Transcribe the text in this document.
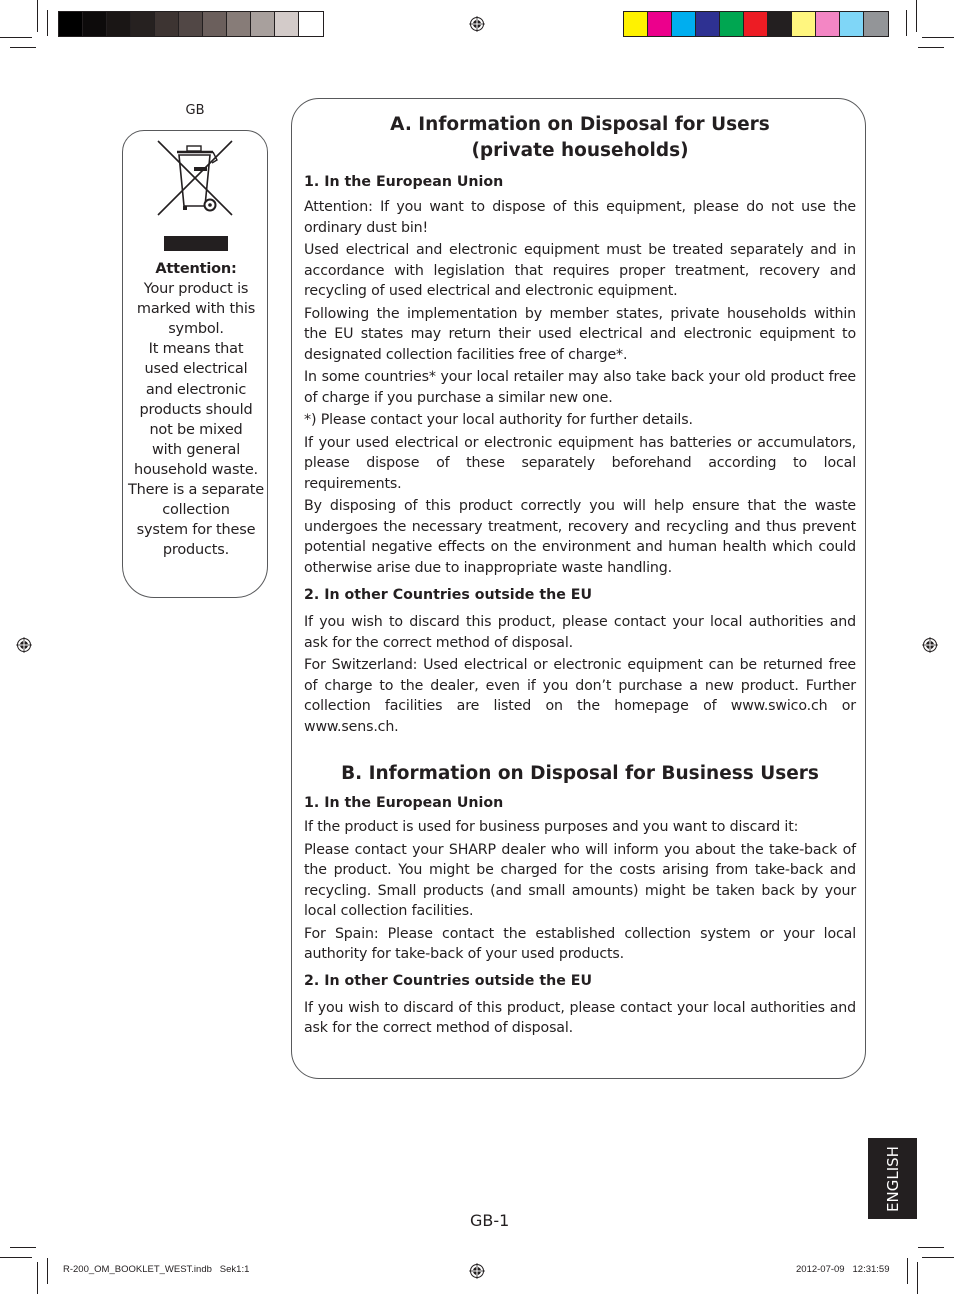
GB
Attention:
Your product is
marked with this
symbol.
It means that
used electrical
and electronic
products should
not be mixed
with general
household waste.
There is a separate
collection
system for these
products.
A. Information on Disposal for Users
(private households)
1. In the European Union

Attention: If you want to dispose of this equipment, please do not use the ordinary dust bin!

Used electrical and electronic equipment must be treated separately and in accordance with legislation that requires proper treatment, recovery and recycling of used electrical and electronic equipment.

Following the implementation by member states, private households within the EU states may return their used electrical and electronic equipment to designated collection facilities free of charge*.

In some countries* your local retailer may also take back your old product free of charge if you purchase a similar new one.

*) Please contact your local authority for further details.

If your used electrical or electronic equipment has batteries or accumulators, please dispose of these separately beforehand according to local requirements.

By disposing of this product correctly you will help ensure that the waste undergoes the necessary treatment, recovery and recycling and thus prevent potential negative effects on the environment and human health which could otherwise arise due to inappropriate waste handling.

2. In other Countries outside the EU

If you wish to discard this product, please contact your local authorities and ask for the correct method of disposal.

For Switzerland: Used electrical or electronic equipment can be returned free of charge to the dealer, even if you don’t purchase a new product. Further collection facilities are listed on the homepage of www.swico.ch or www.sens.ch.

B. Information on Disposal for Business Users
1. In the European Union

If the product is used for business purposes and you want to discard it:

Please contact your SHARP dealer who will inform you about the take-back of the product. You might be charged for the costs arising from take-back and recycling. Small products (and small amounts) might be taken back by your local collection facilities.

For Spain: Please contact the established collection system or your local authority for take-back of your used products.

2. In other Countries outside the EU

If you wish to discard of this product, please contact your local authorities and ask for the correct method of disposal.

ENGLISH
GB-1
R-200_OM_BOOKLET_WEST.indb   Sek1:1	2012-07-09   12:31:59
